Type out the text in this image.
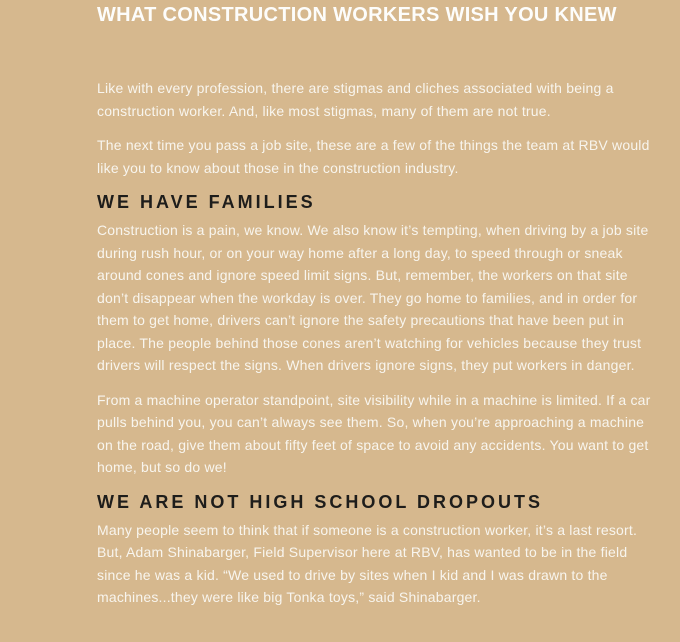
WHAT CONSTRUCTION WORKERS WISH YOU KNEW

Like with every profession, there are stigmas and cliches associated with being a construction worker. And, like most stigmas, many of them are not true.

The next time you pass a job site, these are a few of the things the team at RBV would like you to know about those in the construction industry.

WE HAVE FAMILIES

Construction is a pain, we know. We also know it’s tempting, when driving by a job site during rush hour, or on your way home after a long day, to speed through or sneak around cones and ignore speed limit signs. But, remember, the workers on that site don’t disappear when the workday is over. They go home to families, and in order for them to get home, drivers can’t ignore the safety precautions that have been put in place. The people behind those cones aren’t watching for vehicles because they trust drivers will respect the signs. When drivers ignore signs, they put workers in danger.

From a machine operator standpoint, site visibility while in a machine is limited. If a car pulls behind you, you can’t always see them. So, when you’re approaching a machine on the road, give them about fifty feet of space to avoid any accidents. You want to get home, but so do we!

WE ARE NOT HIGH SCHOOL DROPOUTS

Many people seem to think that if someone is a construction worker, it’s a last resort. But, Adam Shinabarger, Field Supervisor here at RBV, has wanted to be in the field since he was a kid. “We used to drive by sites when I kid and I was drawn to the machines...they were like big Tonka toys,” said Shinabarger.
